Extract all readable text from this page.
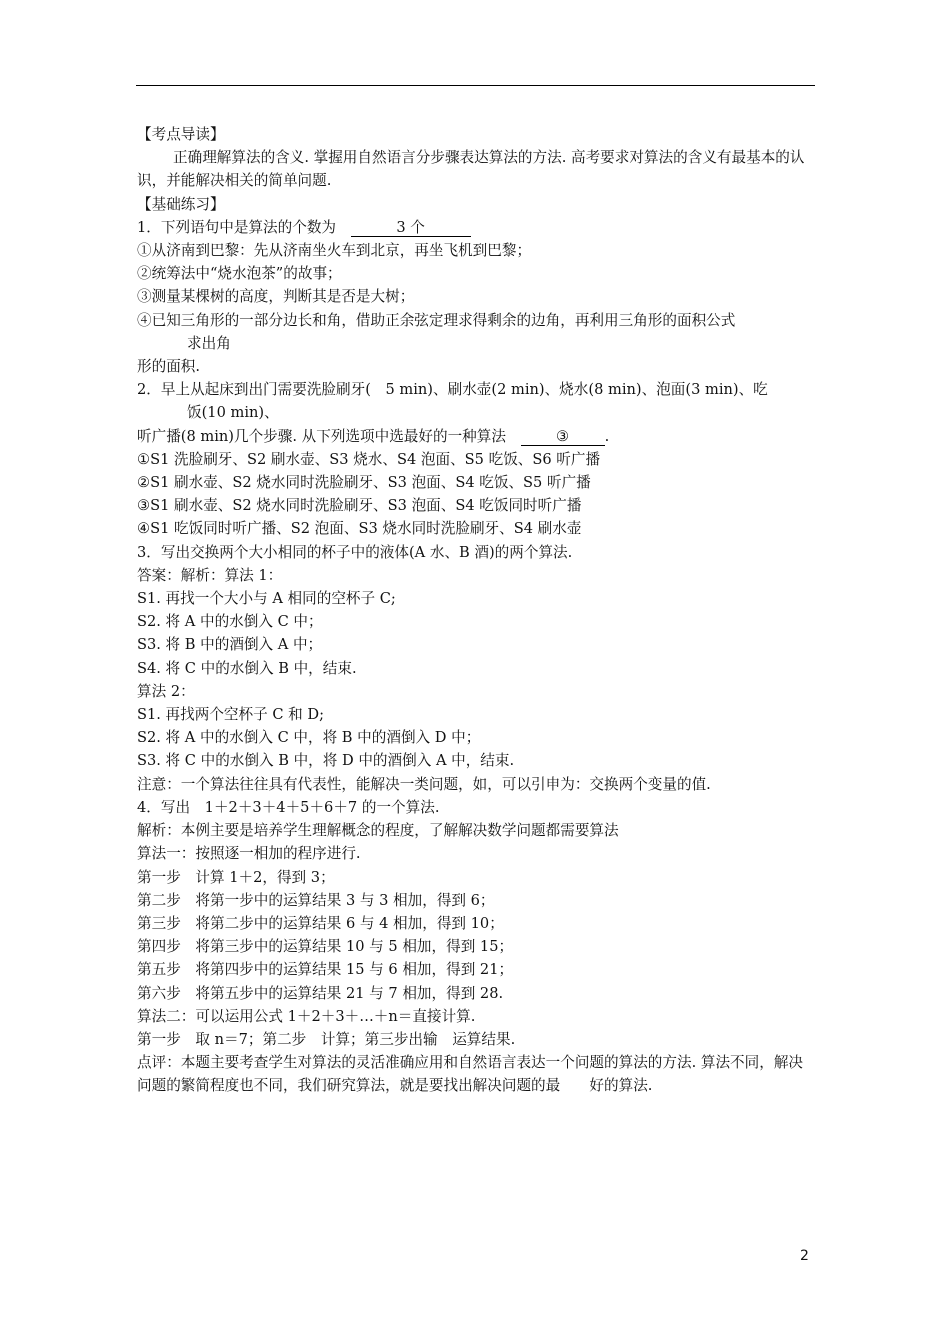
【考点导读】

正确理解算法的含义. 掌握用自然语言分步骤表达算法的方法. 高考要求对算法的含义有最基本的认识，并能解决相关的简单问题.

【基础练习】

1．下列语句中是算法的个数为　	3 个

①从济南到巴黎：先从济南坐火车到北京，再坐飞机到巴黎；

②统筹法中“烧水泡茶”的故事；

③测量某棵树的高度，判断其是否是大树；

④已知三角形的一部分边长和角，借助正余弦定理求得剩余的边角，再利用三角形的面积公式

求出角

形的面积.

2．早上从起床到出门需要洗脸刷牙(　5 min)、刷水壶(2 min)、烧水(8 min)、泡面(3 min)、吃

饭(10 min)、

听广播(8 min)几个步骤. 从下列选项中选最好的一种算法　	③ .

①S1 洗脸刷牙、S2 刷水壶、S3 烧水、S4 泡面、S5 吃饭、S6 听广播

②S1 刷水壶、S2 烧水同时洗脸刷牙、S3 泡面、S4 吃饭、S5 听广播

③S1 刷水壶、S2 烧水同时洗脸刷牙、S3 泡面、S4 吃饭同时听广播

④S1 吃饭同时听广播、S2 泡面、S3 烧水同时洗脸刷牙、S4 刷水壶

3．写出交换两个大小相同的杯子中的液体(A 水、B 酒)的两个算法.

答案：解析：算法 1：

S1. 再找一个大小与 A 相同的空杯子 C;

S2. 将 A 中的水倒入 C 中；

S3. 将 B 中的酒倒入 A 中；

S4. 将 C 中的水倒入 B 中，结束.

算法 2：

S1. 再找两个空杯子 C 和 D;

S2. 将 A 中的水倒入 C 中，将 B 中的酒倒入 D 中；

S3. 将 C 中的水倒入 B 中，将 D 中的酒倒入 A 中，结束.

注意：一个算法往往具有代表性，能解决一类问题，如，可以引申为：交换两个变量的值.

4．写出　1＋2＋3＋4＋5＋6＋7 的一个算法.

解析：本例主要是培养学生理解概念的程度，了解解决数学问题都需要算法

算法一：按照逐一相加的程序进行.

第一步　计算 1＋2，得到 3；

第二步　将第一步中的运算结果 3 与 3 相加，得到 6；

第三步　将第二步中的运算结果 6 与 4 相加，得到 10；

第四步　将第三步中的运算结果 10 与 5 相加，得到 15；

第五步　将第四步中的运算结果 15 与 6 相加，得到 21；

第六步　将第五步中的运算结果 21 与 7 相加，得到 28.

算法二：可以运用公式 1＋2＋3＋…＋n＝直接计算.

第一步　取 n＝7；第二步　计算；第三步出输　运算结果.

点评：本题主要考查学生对算法的灵活准确应用和自然语言表达一个问题的算法的方法. 算法不同，解决问题的繁简程度也不同，我们研究算法，就是要找出解决问题的最　　好的算法.

2
